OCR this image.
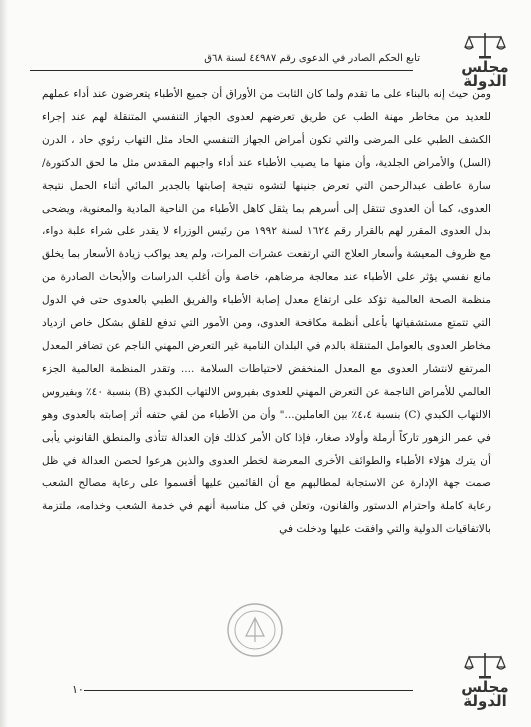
مجلس الدولة
تابع الحكم الصادر في الدعوى رقم ٤٤٩٨٧ لسنة ٦٨ق

ومن حيث إنه بالبناء على ما تقدم ولما كان الثابت من الأوراق أن جميع الأطباء يتعرضون عند أداء عملهم للعديد من مخاطر مهنة الطب عن طريق تعرضهم لعدوى الجهاز التنفسي المتنقلة لهم عند إجراء الكشف الطبي على المرضى والتي تكون أمراض الجهاز التنفسي الحاد مثل التهاب رئوي حاد ، الدرن (السل) والأمراض الجلدية، وأن منها ما يصيب الأطباء عند أداء واجبهم المقدس مثل ما لحق الدكتورة/ سارة عاطف عبدالرحمن التي تعرض جنينها لتشوه نتيجة إصابتها بالجدير المائي أثناء الحمل نتيجة العدوى، كما أن العدوى تنتقل إلى أسرهم بما يثقل كاهل الأطباء من الناحية المادية والمعنوية، ويضحى بدل العدوى المقرر لهم بالقرار رقم ١٦٢٤ لسنة ١٩٩٢ من رئيس الوزراء لا يقدر على شراء علبة دواء، مع ظروف المعيشة وأسعار العلاج التي ارتفعت عشرات المرات، ولم يعد يواكب زيادة الأسعار بما يخلق مانع نفسي يؤثر على الأطباء عند معالجة مرضاهم، خاصة وأن أغلب الدراسات والأبحاث الصادرة من منظمة الصحة العالمية تؤكد على ارتفاع معدل إصابة الأطباء والفريق الطبي بالعدوى حتى في الدول التي تتمتع مستشفياتها بأعلى أنظمة مكافحة العدوى، ومن الأمور التي تدفع للقلق بشكل خاص ازدياد مخاطر العدوى بالعوامل المتنقلة بالدم في البلدان النامية غير التعرض المهني الناجم عن تضافر المعدل المرتفع لانتشار العدوى مع المعدل المنخفض لاحتياطات السلامة .... وتقدر المنظمة العالمية الجزء العالمي للأمراض الناجمة عن التعرض المهني للعدوى بفيروس الالتهاب الكبدي (B) بنسبة ٤٠٪ وبفيروس الالتهاب الكبدي (C) بنسبة ٤،٤٪ بين العاملين..." وأن من الأطباء من لقي حتفه أثر إصابته بالعدوى وهو في عمر الزهور تاركاً أرملة وأولاد صغار، فإذا كان الأمر كذلك فإن العدالة تتأذى والمنطق القانوني يأبى أن يترك هؤلاء الأطباء والطوائف الأخرى المعرضة لخطر العدوى والذين هرعوا لحصن العدالة في ظل صمت جهة الإدارة عن الاستجابة لمطالبهم مع أن القائمين عليها أقسموا على رعاية مصالح الشعب رعاية كاملة واحترام الدستور والقانون، وتعلن في كل مناسبة أنهم في خدمة الشعب وخدامه، ملتزمة بالاتفاقيات الدولية والتي وافقت عليها ودخلت في

١٠	مجلس الدولة
